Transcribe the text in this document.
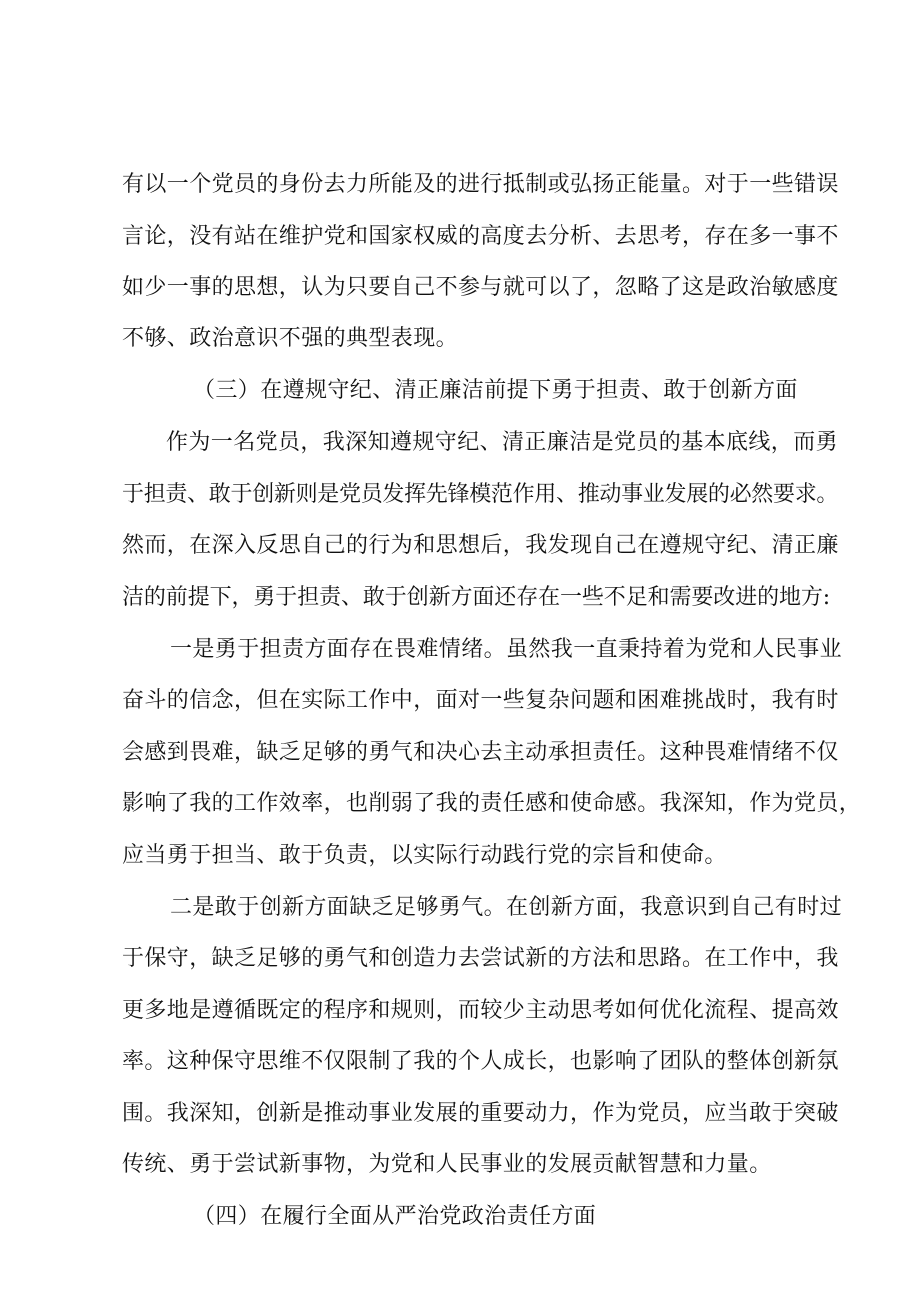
有以一个党员的身份去力所能及的进行抵制或弘扬正能量。对于一些错误
言论，没有站在维护党和国家权威的高度去分析、去思考，存在多一事不
如少一事的思想，认为只要自己不参与就可以了，忽略了这是政治敏感度
不够、政治意识不强的典型表现。
（三）在遵规守纪、清正廉洁前提下勇于担责、敢于创新方面
作为一名党员，我深知遵规守纪、清正廉洁是党员的基本底线，而勇
于担责、敢于创新则是党员发挥先锋模范作用、推动事业发展的必然要求。
然而，在深入反思自己的行为和思想后，我发现自己在遵规守纪、清正廉
洁的前提下，勇于担责、敢于创新方面还存在一些不足和需要改进的地方:
一是勇于担责方面存在畏难情绪。虽然我一直秉持着为党和人民事业
奋斗的信念，但在实际工作中，面对一些复杂问题和困难挑战时，我有时
会感到畏难，缺乏足够的勇气和决心去主动承担责任。这种畏难情绪不仅
影响了我的工作效率，也削弱了我的责任感和使命感。我深知，作为党员，
应当勇于担当、敢于负责，以实际行动践行党的宗旨和使命。
二是敢于创新方面缺乏足够勇气。在创新方面，我意识到自己有时过
于保守，缺乏足够的勇气和创造力去尝试新的方法和思路。在工作中，我
更多地是遵循既定的程序和规则，而较少主动思考如何优化流程、提高效
率。这种保守思维不仅限制了我的个人成长，也影响了团队的整体创新氛
围。我深知，创新是推动事业发展的重要动力，作为党员，应当敢于突破
传统、勇于尝试新事物，为党和人民事业的发展贡献智慧和力量。
（四）在履行全面从严治党政治责任方面
